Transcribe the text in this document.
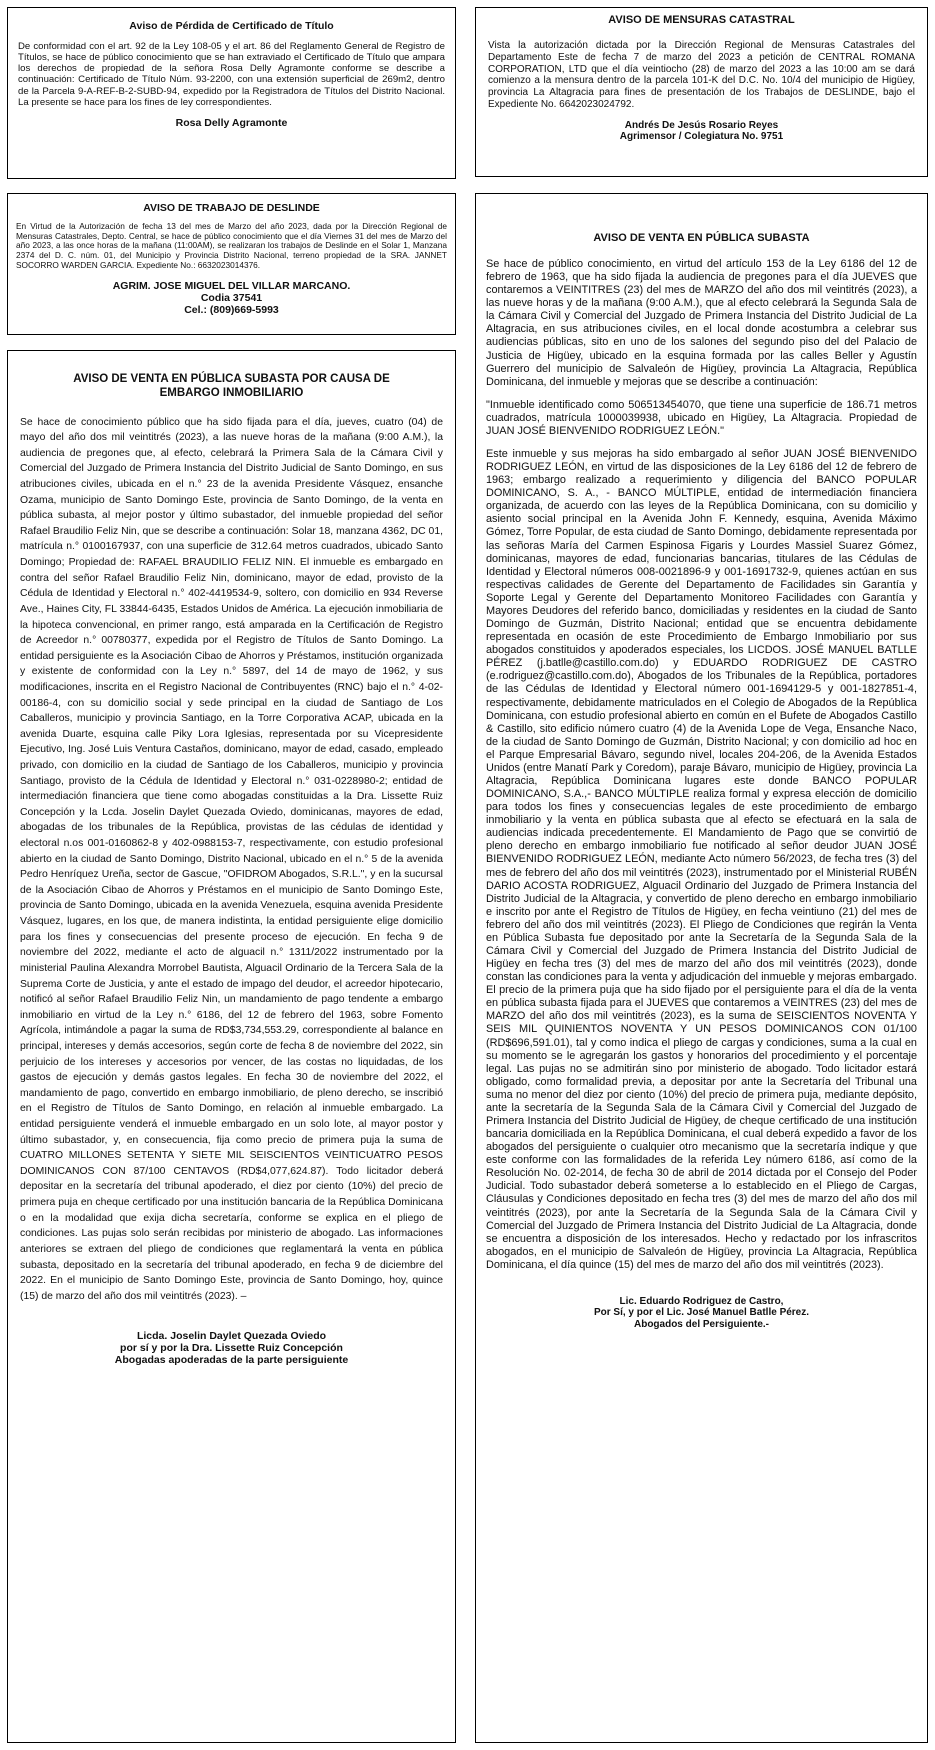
Aviso de Pérdida de Certificado de Título
De conformidad con el art. 92 de la Ley 108-05 y el art. 86 del Reglamento General de Registro de Títulos, se hace de público conocimiento que se han extraviado el Certificado de Título que ampara los derechos de propiedad de la señora Rosa Delly Agramonte conforme se describe a continuación: Certificado de Título Núm. 93-2200, con una extensión superficial de 269m2, dentro de la Parcela 9-A-REF-B-2-SUBD-94, expedido por la Registradora de Títulos del Distrito Nacional. La presente se hace para los fines de ley correspondientes.
Rosa Delly Agramonte
AVISO DE MENSURAS CATASTRAL
Vista la autorización dictada por la Dirección Regional de Mensuras Catastrales del Departamento Este de fecha 7 de marzo del 2023 a petición de CENTRAL ROMANA CORPORATION, LTD que el día veintiocho (28) de marzo del 2023 a las 10:00 am se dará comienzo a la mensura dentro de la parcela 101-K del D.C. No. 10/4 del municipio de Higüey, provincia La Altagracia para fines de presentación de los Trabajos de DESLINDE, bajo el Expediente No. 6642023024792.
Andrés De Jesús Rosario Reyes
Agrimensor / Colegiatura No. 9751
AVISO DE TRABAJO DE DESLINDE
En Virtud de la Autorización de fecha 13 del mes de Marzo del año 2023, dada por la Dirección Regional de Mensuras Catastrales, Depto. Central, se hace de público conocimiento que el día Viernes 31 del mes de Marzo del año 2023, a las once horas de la mañana (11:00AM), se realizaran los trabajos de Deslinde en el Solar 1, Manzana 2374 del D. C. núm. 01, del Municipio y Provincia Distrito Nacional, terreno propiedad de la SRA. JANNET SOCORRO WARDEN GARCIA. Expediente No.: 6632023014376.
AGRIM. JOSE MIGUEL DEL VILLAR MARCANO.
Codia 37541
Cel.: (809)669-5993
AVISO DE VENTA EN PÚBLICA SUBASTA POR CAUSA DE
EMBARGO INMOBILIARIO
Se hace de conocimiento público que ha sido fijada para el día, jueves, cuatro (04) de mayo del año dos mil veintitrés (2023), a las nueve horas de la mañana (9:00 A.M.), la audiencia de pregones que, al efecto, celebrará la Primera Sala de la Cámara Civil y Comercial del Juzgado de Primera Instancia del Distrito Judicial de Santo Domingo, en sus atribuciones civiles, ubicada en el n.° 23 de la avenida Presidente Vásquez, ensanche Ozama, municipio de Santo Domingo Este, provincia de Santo Domingo, de la venta en pública subasta, al mejor postor y último subastador, del inmueble propiedad del señor Rafael Braudilio Feliz Nin, que se describe a continuación: Solar 18, manzana 4362, DC 01, matrícula n.° 0100167937, con una superficie de 312.64 metros cuadrados, ubicado Santo Domingo; Propiedad de: RAFAEL BRAUDILIO FELIZ NIN. El inmueble es embargado en contra del señor Rafael Braudilio Feliz Nin, dominicano, mayor de edad, provisto de la Cédula de Identidad y Electoral n.° 402-4419534-9, soltero, con domicilio en 934 Reverse Ave., Haines City, FL 33844-6435, Estados Unidos de América. La ejecución inmobiliaria de la hipoteca convencional, en primer rango, está amparada en la Certificación de Registro de Acreedor n.° 00780377, expedida por el Registro de Títulos de Santo Domingo. La entidad persiguiente es la Asociación Cibao de Ahorros y Préstamos, institución organizada y existente de conformidad con la Ley n.° 5897, del 14 de mayo de 1962, y sus modificaciones, inscrita en el Registro Nacional de Contribuyentes (RNC) bajo el n.° 4-02-00186-4, con su domicilio social y sede principal en la ciudad de Santiago de Los Caballeros, municipio y provincia Santiago, en la Torre Corporativa ACAP, ubicada en la avenida Duarte, esquina calle Piky Lora Iglesias, representada por su Vicepresidente Ejecutivo, Ing. José Luis Ventura Castaños, dominicano, mayor de edad, casado, empleado privado, con domicilio en la ciudad de Santiago de los Caballeros, municipio y provincia Santiago, provisto de la Cédula de Identidad y Electoral n.° 031-0228980-2; entidad de intermediación financiera que tiene como abogadas constituidas a la Dra. Lissette Ruiz Concepción y la Lcda. Joselin Daylet Quezada Oviedo, dominicanas, mayores de edad, abogadas de los tribunales de la República, provistas de las cédulas de identidad y electoral n.os 001-0160862-8 y 402-0988153-7, respectivamente, con estudio profesional abierto en la ciudad de Santo Domingo, Distrito Nacional, ubicado en el n.° 5 de la avenida Pedro Henríquez Ureña, sector de Gascue, "OFIDROM Abogados, S.R.L.", y en la sucursal de la Asociación Cibao de Ahorros y Préstamos en el municipio de Santo Domingo Este, provincia de Santo Domingo, ubicada en la avenida Venezuela, esquina avenida Presidente Vásquez, lugares, en los que, de manera indistinta, la entidad persiguiente elige domicilio para los fines y consecuencias del presente proceso de ejecución. En fecha 9 de noviembre del 2022, mediante el acto de alguacil n.° 1311/2022 instrumentado por la ministerial Paulina Alexandra Morrobel Bautista, Alguacil Ordinario de la Tercera Sala de la Suprema Corte de Justicia, y ante el estado de impago del deudor, el acreedor hipotecario, notificó al señor Rafael Braudilio Feliz Nin, un mandamiento de pago tendente a embargo inmobiliario en virtud de la Ley n.° 6186, del 12 de febrero del 1963, sobre Fomento Agrícola, intimándole a pagar la suma de RD$3,734,553.29, correspondiente al balance en principal, intereses y demás accesorios, según corte de fecha 8 de noviembre del 2022, sin perjuicio de los intereses y accesorios por vencer, de las costas no liquidadas, de los gastos de ejecución y demás gastos legales. En fecha 30 de noviembre del 2022, el mandamiento de pago, convertido en embargo inmobiliario, de pleno derecho, se inscribió en el Registro de Títulos de Santo Domingo, en relación al inmueble embargado. La entidad persiguiente venderá el inmueble embargado en un solo lote, al mayor postor y último subastador, y, en consecuencia, fija como precio de primera puja la suma de CUATRO MILLONES SETENTA Y SIETE MIL SEISCIENTOS VEINTICUATRO PESOS DOMINICANOS CON 87/100 CENTAVOS (RD$4,077,624.87). Todo licitador deberá depositar en la secretaría del tribunal apoderado, el diez por ciento (10%) del precio de primera puja en cheque certificado por una institución bancaria de la República Dominicana o en la modalidad que exija dicha secretaría, conforme se explica en el pliego de condiciones. Las pujas solo serán recibidas por ministerio de abogado. Las informaciones anteriores se extraen del pliego de condiciones que reglamentará la venta en pública subasta, depositado en la secretaría del tribunal apoderado, en fecha 9 de diciembre del 2022. En el municipio de Santo Domingo Este, provincia de Santo Domingo, hoy, quince (15) de marzo del año dos mil veintitrés (2023). –
Licda. Joselin Daylet Quezada Oviedo
por sí y por la Dra. Lissette Ruiz Concepción
Abogadas apoderadas de la parte persiguiente
AVISO DE VENTA EN PÚBLICA SUBASTA
Se hace de público conocimiento, en virtud del artículo 153 de la Ley 6186 del 12 de febrero de 1963, que ha sido fijada la audiencia de pregones para el día JUEVES que contaremos a VEINTITRES (23) del mes de MARZO del año dos mil veintitrés (2023), a las nueve horas y de la mañana (9:00 A.M.), que al efecto celebrará la Segunda Sala de la Cámara Civil y Comercial del Juzgado de Primera Instancia del Distrito Judicial de La Altagracia, en sus atribuciones civiles, en el local donde acostumbra a celebrar sus audiencias públicas, sito en uno de los salones del segundo piso del del Palacio de Justicia de Higüey, ubicado en la esquina formada por las calles Beller y Agustín Guerrero del municipio de Salvaleón de Higüey, provincia La Altagracia, República Dominicana, del inmueble y mejoras que se describe a continuación:
"Inmueble identificado como 506513454070, que tiene una superficie de 186.71 metros cuadrados, matrícula 1000039938, ubicado en Higüey, La Altagracia. Propiedad de JUAN JOSÉ BIENVENIDO RODRIGUEZ LEÓN."
Este inmueble y sus mejoras ha sido embargado al señor JUAN JOSÉ BIENVENIDO RODRIGUEZ LEÓN, en virtud de las disposiciones de la Ley 6186 del 12 de febrero de 1963; embargo realizado a requerimiento y diligencia del BANCO POPULAR DOMINICANO, S. A., - BANCO MÚLTIPLE, entidad de intermediación financiera organizada, de acuerdo con las leyes de la República Dominicana, con su domicilio y asiento social principal en la Avenida John F. Kennedy, esquina, Avenida Máximo Gómez, Torre Popular, de esta ciudad de Santo Domingo, debidamente representada por las señoras María del Carmen Espinosa Figaris y Lourdes Massiel Suarez Gómez, dominicanas, mayores de edad, funcionarias bancarias, titulares de las Cédulas de Identidad y Electoral números 008-0021896-9 y 001-1691732-9, quienes actúan en sus respectivas calidades de Gerente del Departamento de Facilidades sin Garantía y Soporte Legal y Gerente del Departamento Monitoreo Facilidades con Garantía y Mayores Deudores del referido banco, domiciliadas y residentes en la ciudad de Santo Domingo de Guzmán, Distrito Nacional; entidad que se encuentra debidamente representada en ocasión de este Procedimiento de Embargo Inmobiliario por sus abogados constituidos y apoderados especiales, los LICDOS. JOSÉ MANUEL BATLLE PÉREZ (j.batlle@castillo.com.do) y EDUARDO RODRIGUEZ DE CASTRO (e.rodriguez@castillo.com.do), Abogados de los Tribunales de la República, portadores de las Cédulas de Identidad y Electoral número 001-1694129-5 y 001-1827851-4, respectivamente, debidamente matriculados en el Colegio de Abogados de la República Dominicana, con estudio profesional abierto en común en el Bufete de Abogados Castillo & Castillo, sito edificio número cuatro (4) de la Avenida Lope de Vega, Ensanche Naco, de la ciudad de Santo Domingo de Guzmán, Distrito Nacional; y con domicilio ad hoc en el Parque Empresarial Bávaro, segundo nivel, locales 204-206, de la Avenida Estados Unidos (entre Manatí Park y Coredom), paraje Bávaro, municipio de Higüey, provincia La Altagracia, República Dominicana lugares este donde BANCO POPULAR DOMINICANO, S.A.,- BANCO MÚLTIPLE realiza formal y expresa elección de domicilio para todos los fines y consecuencias legales de este procedimiento de embargo inmobiliario y la venta en pública subasta que al efecto se efectuará en la sala de audiencias indicada precedentemente. El Mandamiento de Pago que se convirtió de pleno derecho en embargo inmobiliario fue notificado al señor deudor JUAN JOSÉ BIENVENIDO RODRIGUEZ LEÓN, mediante Acto número 56/2023, de fecha tres (3) del mes de febrero del año dos mil veintitrés (2023), instrumentado por el Ministerial RUBÉN DARIO ACOSTA RODRIGUEZ, Alguacil Ordinario del Juzgado de Primera Instancia del Distrito Judicial de la Altagracia, y convertido de pleno derecho en embargo inmobiliario e inscrito por ante el Registro de Títulos de Higüey, en fecha veintiuno (21) del mes de febrero del año dos mil veintitrés (2023). El Pliego de Condiciones que regirán la Venta en Pública Subasta fue depositado por ante la Secretaría de la Segunda Sala de la Cámara Civil y Comercial del Juzgado de Primera Instancia del Distrito Judicial de Higüey en fecha tres (3) del mes de marzo del año dos mil veintitrés (2023), donde constan las condiciones para la venta y adjudicación del inmueble y mejoras embargado. El precio de la primera puja que ha sido fijado por el persiguiente para el día de la venta en pública subasta fijada para el JUEVES que contaremos a VEINTRES (23) del mes de MARZO del año dos mil veintitrés (2023), es la suma de SEISCIENTOS NOVENTA Y SEIS MIL QUINIENTOS NOVENTA Y UN PESOS DOMINICANOS CON 01/100 (RD$696,591.01), tal y como indica el pliego de cargas y condiciones, suma a la cual en su momento se le agregarán los gastos y honorarios del procedimiento y el porcentaje legal. Las pujas no se admitirán sino por ministerio de abogado. Todo licitador estará obligado, como formalidad previa, a depositar por ante la Secretaría del Tribunal una suma no menor del diez por ciento (10%) del precio de primera puja, mediante depósito, ante la secretaría de la Segunda Sala de la Cámara Civil y Comercial del Juzgado de Primera Instancia del Distrito Judicial de Higüey, de cheque certificado de una institución bancaria domiciliada en la República Dominicana, el cual deberá expedido a favor de los abogados del persiguiente o cualquier otro mecanismo que la secretaría indique y que este conforme con las formalidades de la referida Ley número 6186, así como de la Resolución No. 02-2014, de fecha 30 de abril de 2014 dictada por el Consejo del Poder Judicial. Todo subastador deberá someterse a lo establecido en el Pliego de Cargas, Cláusulas y Condiciones depositado en fecha tres (3) del mes de marzo del año dos mil veintitrés (2023), por ante la Secretaría de la Segunda Sala de la Cámara Civil y Comercial del Juzgado de Primera Instancia del Distrito Judicial de La Altagracia, donde se encuentra a disposición de los interesados. Hecho y redactado por los infrascritos abogados, en el municipio de Salvaleón de Higüey, provincia La Altagracia, República Dominicana, el día quince (15) del mes de marzo del año dos mil veintitrés (2023).
Lic. Eduardo Rodriguez de Castro,
Por Sí, y por el Lic. José Manuel Batlle Pérez.
Abogados del Persiguiente.-
